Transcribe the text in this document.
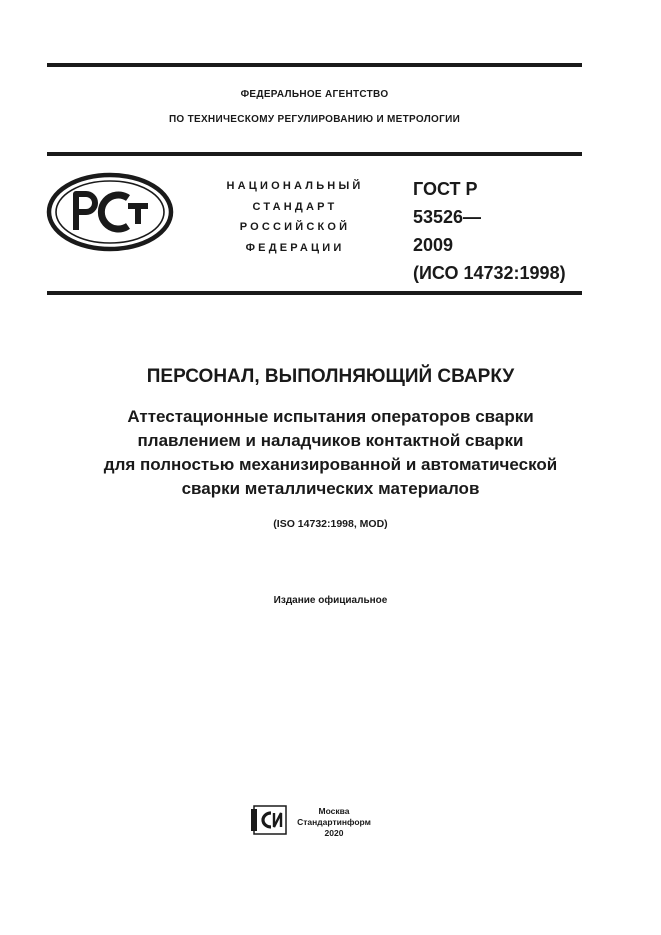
ФЕДЕРАЛЬНОЕ АГЕНТСТВО
ПО ТЕХНИЧЕСКОМУ РЕГУЛИРОВАНИЮ И МЕТРОЛОГИИ
НАЦИОНАЛЬНЫЙ
СТАНДАРТ
РОССИЙСКОЙ
ФЕДЕРАЦИИ
ГОСТ Р
53526—
2009
(ИСО 14732:1998)
ПЕРСОНАЛ, ВЫПОЛНЯЮЩИЙ СВАРКУ
Аттестационные испытания операторов сварки
плавлением и наладчиков контактной сварки
для полностью механизированной и автоматической
сварки металлических материалов
(ISO 14732:1998, MOD)
Издание официальное
Москва
Стандартинформ
2020
